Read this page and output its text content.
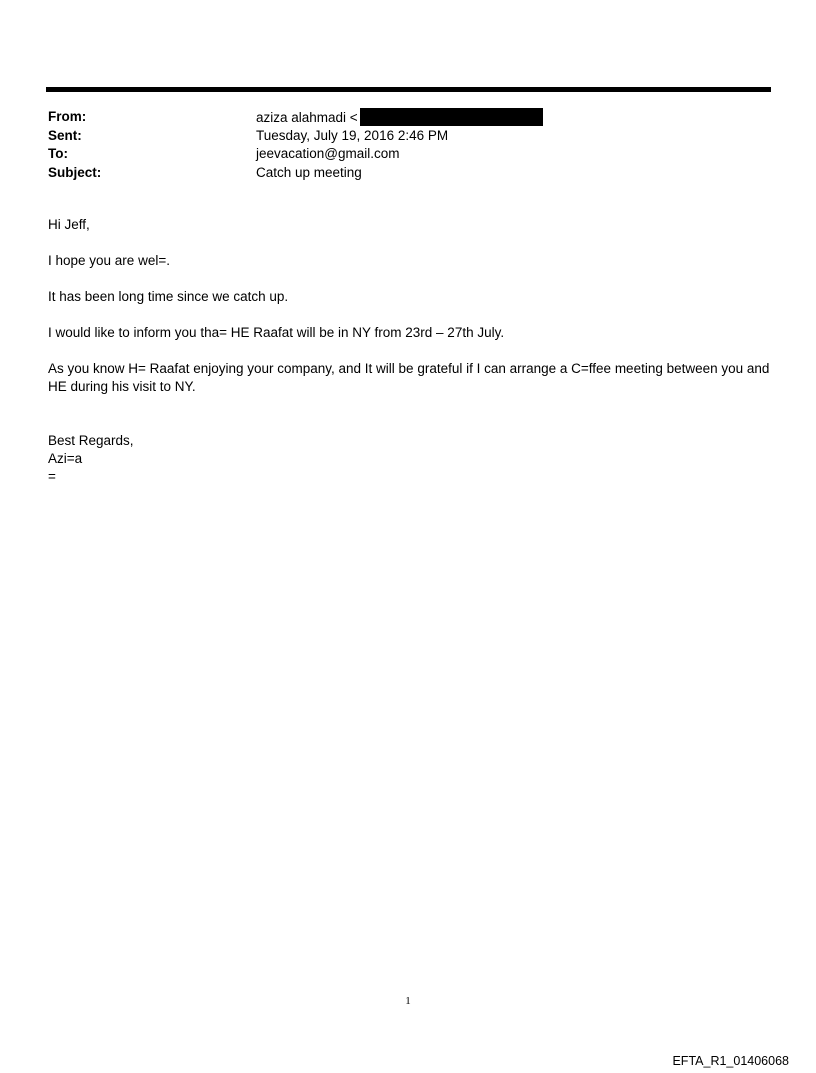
From:	aziza alahmadi <
Sent:	Tuesday, July 19, 2016 2:46 PM
To:	jeevacation@gmail.com
Subject:	Catch up meeting

Hi Jeff,

I hope you are wel=.

It has been long time since we catch up.

I would like to inform you tha= HE Raafat will be in NY from 23rd – 27th July.

As you know H= Raafat enjoying your company, and It will be grateful if I can arrange a C=ffee meeting between you and HE during his visit to NY.

Best Regards,
Azi=a
=
1
EFTA_R1_01406068
